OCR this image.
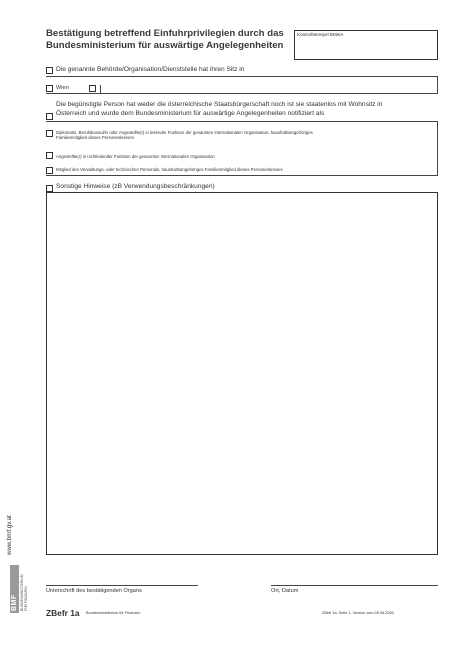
Bestätigung betreffend Einfuhrprivilegien durch das
Bundesministerium für auswärtige Angelegenheiten
Kontrollstempel BMeiA
Die genannte Behörde/Organisation/Dienststelle hat ihren Sitz in
Wien
Die begünstigte Person hat weder die österreichische Staatsbürgerschaft noch ist sie staatenlos mit Wohnsitz in
Österreich und wurde dem Bundesministerium für auswärtige Angelegenheiten notifiziert als
Diplomatin, Berufskonsul/in oder Angestellte(r) in leitender Funktion der genannten Internationalen Organisation, haushaltsangehöriges
Familienmitglied dieses Personenkreises
Angestellte(r) in nichtleitender Funktion der genannten Internationalen Organisation
Mitglied des Verwaltungs- oder technischen Personals, haushaltsangehöriges Familienmitglied dieses Personenkreises
Sonstige Hinweise (zB Verwendungsbeschränkungen)
Unterschrift des bestätigenden Organs	Ort, Datum
www.bmf.gv.at
BMF BUNDESMINISTERIUM FÜR FINANZEN
ZBefr 1a Bundesministerium für Finanzen	ZBefr 1a, Seite 1, Version vom 28.06.2006
